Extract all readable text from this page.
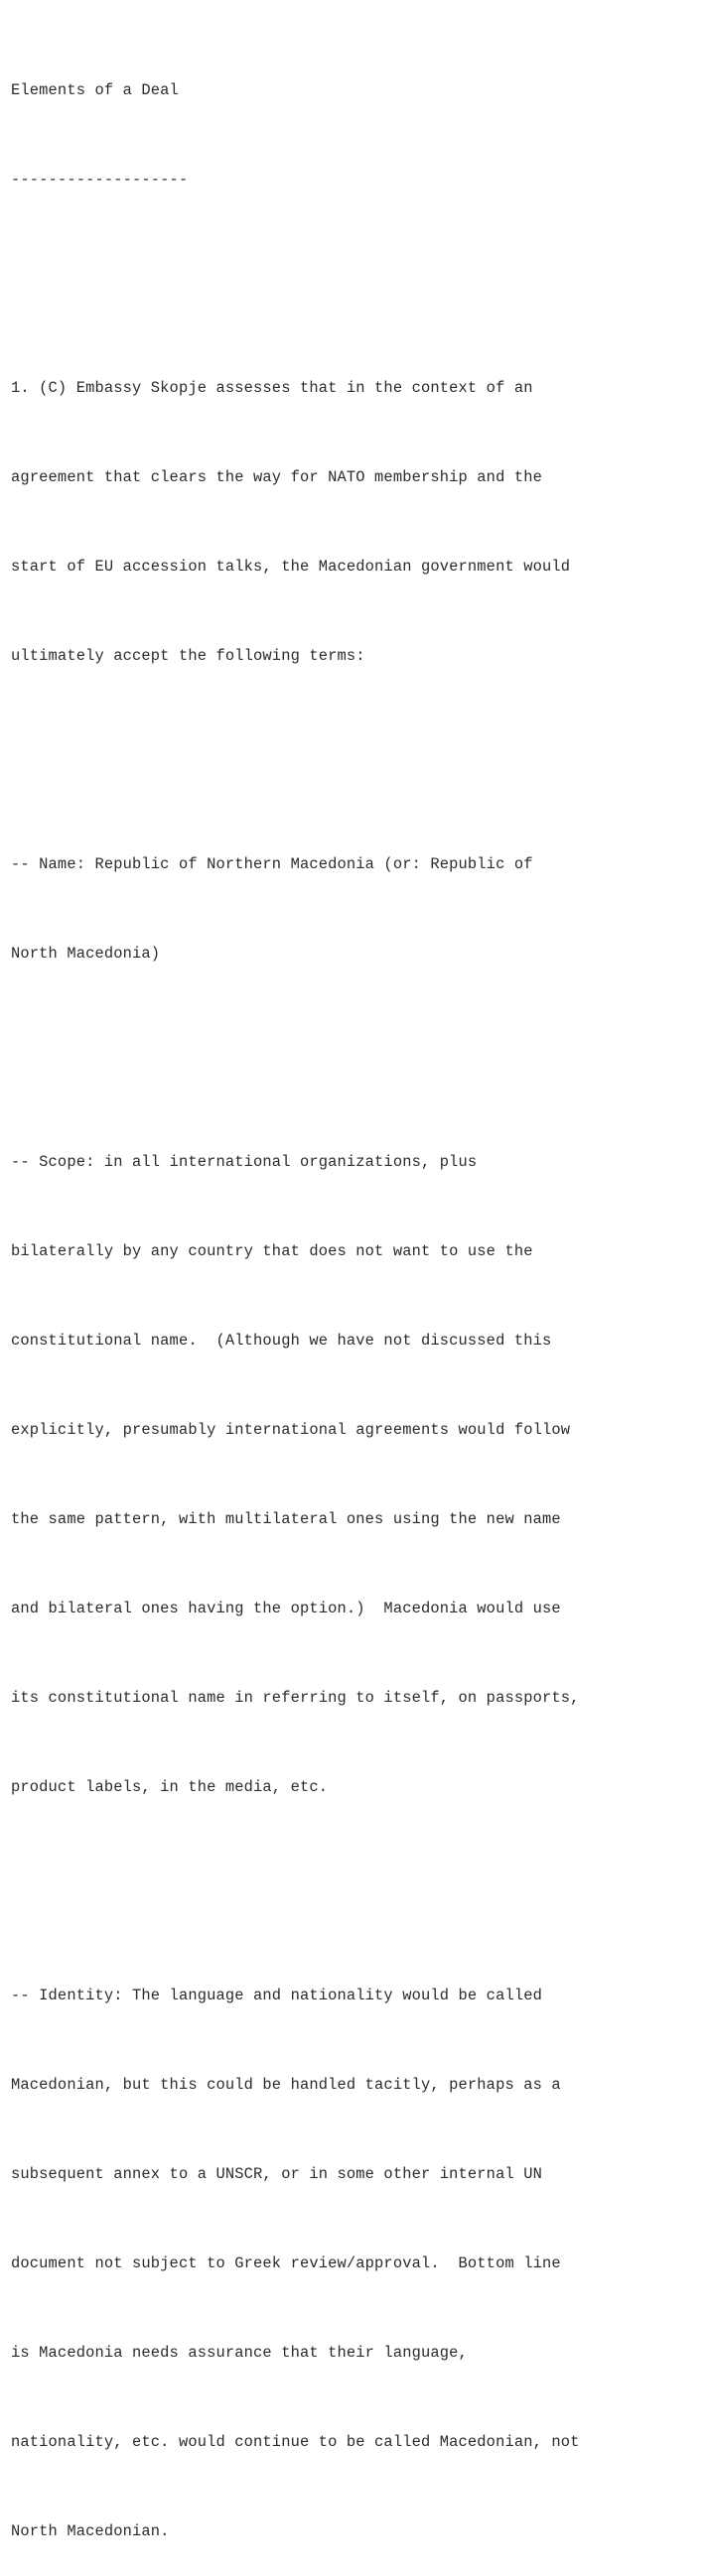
Elements of a Deal

-------------------

1. (C) Embassy Skopje assesses that in the context of an

agreement that clears the way for NATO membership and the

start of EU accession talks, the Macedonian government would

ultimately accept the following terms:

-- Name: Republic of Northern Macedonia (or: Republic of

North Macedonia)

-- Scope: in all international organizations, plus

bilaterally by any country that does not want to use the

constitutional name.  (Although we have not discussed this

explicitly, presumably international agreements would follow

the same pattern, with multilateral ones using the new name

and bilateral ones having the option.)  Macedonia would use

its constitutional name in referring to itself, on passports,

product labels, in the media, etc.

-- Identity: The language and nationality would be called

Macedonian, but this could be handled tacitly, perhaps as a

subsequent annex to a UNSCR, or in some other internal UN

document not subject to Greek review/approval.  Bottom line

is Macedonia needs assurance that their language,

nationality, etc. would continue to be called Macedonian, not

North Macedonian.
